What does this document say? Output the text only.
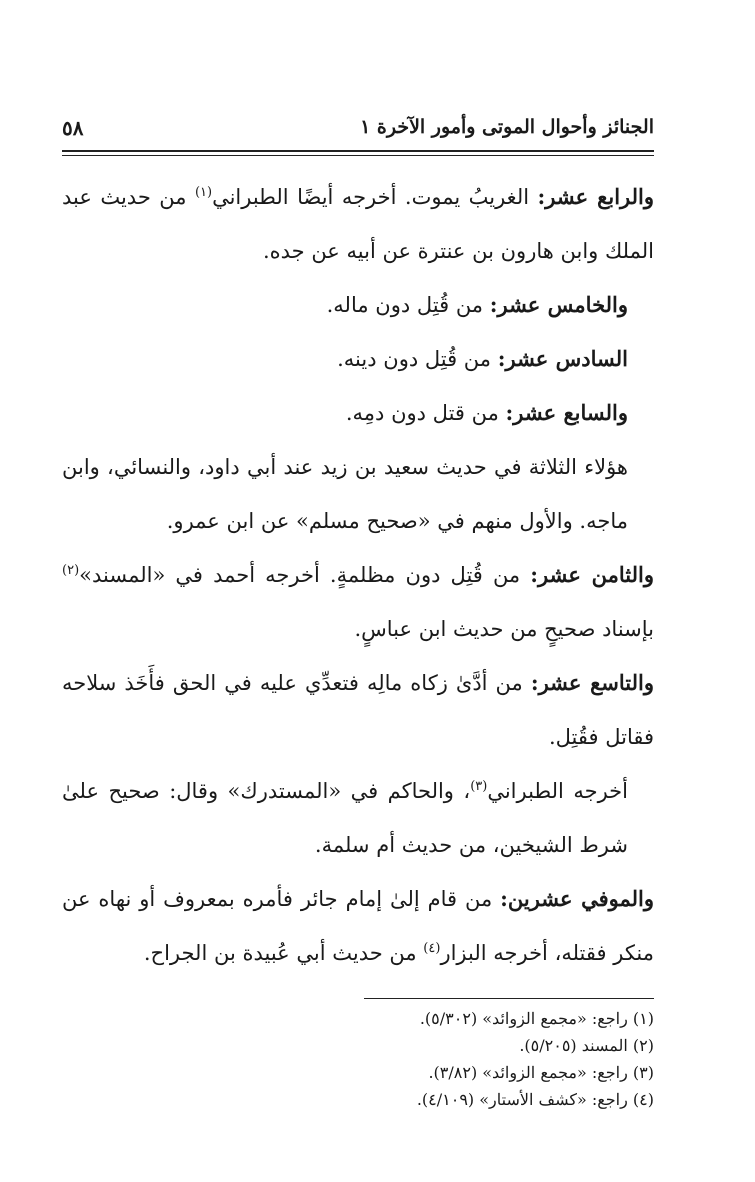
الجنائز وأحوال الموتى وأمور الآخرة ١
٥٨

والرابع عشر: الغريبُ يموت. أخرجه أيضًا الطبراني$^{(١)}$ من حديث عبد الملك وابن هارون بن عنترة عن أبيه عن جده.

والخامس عشر: من قُتِل دون ماله.

السادس عشر: من قُتِل دون دينه.

والسابع عشر: من قتل دون دمِه.

هؤلاء الثلاثة في حديث سعيد بن زيد عند أبي داود، والنسائي، وابن ماجه. والأول منهم في «صحيح مسلم» عن ابن عمرو.

والثامن عشر: من قُتِل دون مظلمةٍ. أخرجه أحمد في «المسند»$^{(٢)}$ بإسناد صحيحٍ من حديث ابن عباسٍ.

والتاسع عشر: من أدَّىٰ زكاه مالِه فتعدِّي عليه في الحق فأَخَذ سلاحه فقاتل فقُتِل.

أخرجه الطبراني$^{(٣)}$، والحاكم في «المستدرك» وقال: صحيح علىٰ شرط الشيخين، من حديث أم سلمة.

والموفي عشرين: من قام إلىٰ إمام جائر فأمره بمعروف أو نهاه عن منكر فقتله، أخرجه البزار$^{(٤)}$ من حديث أبي عُبيدة بن الجراح.

(١) راجع: «مجمع الزوائد» (٥/٣٠٢).
(٢) المسند (٥/٢٠٥).
(٣) راجع: «مجمع الزوائد» (٣/٨٢).
(٤) راجع: «كشف الأستار» (٤/١٠٩).
